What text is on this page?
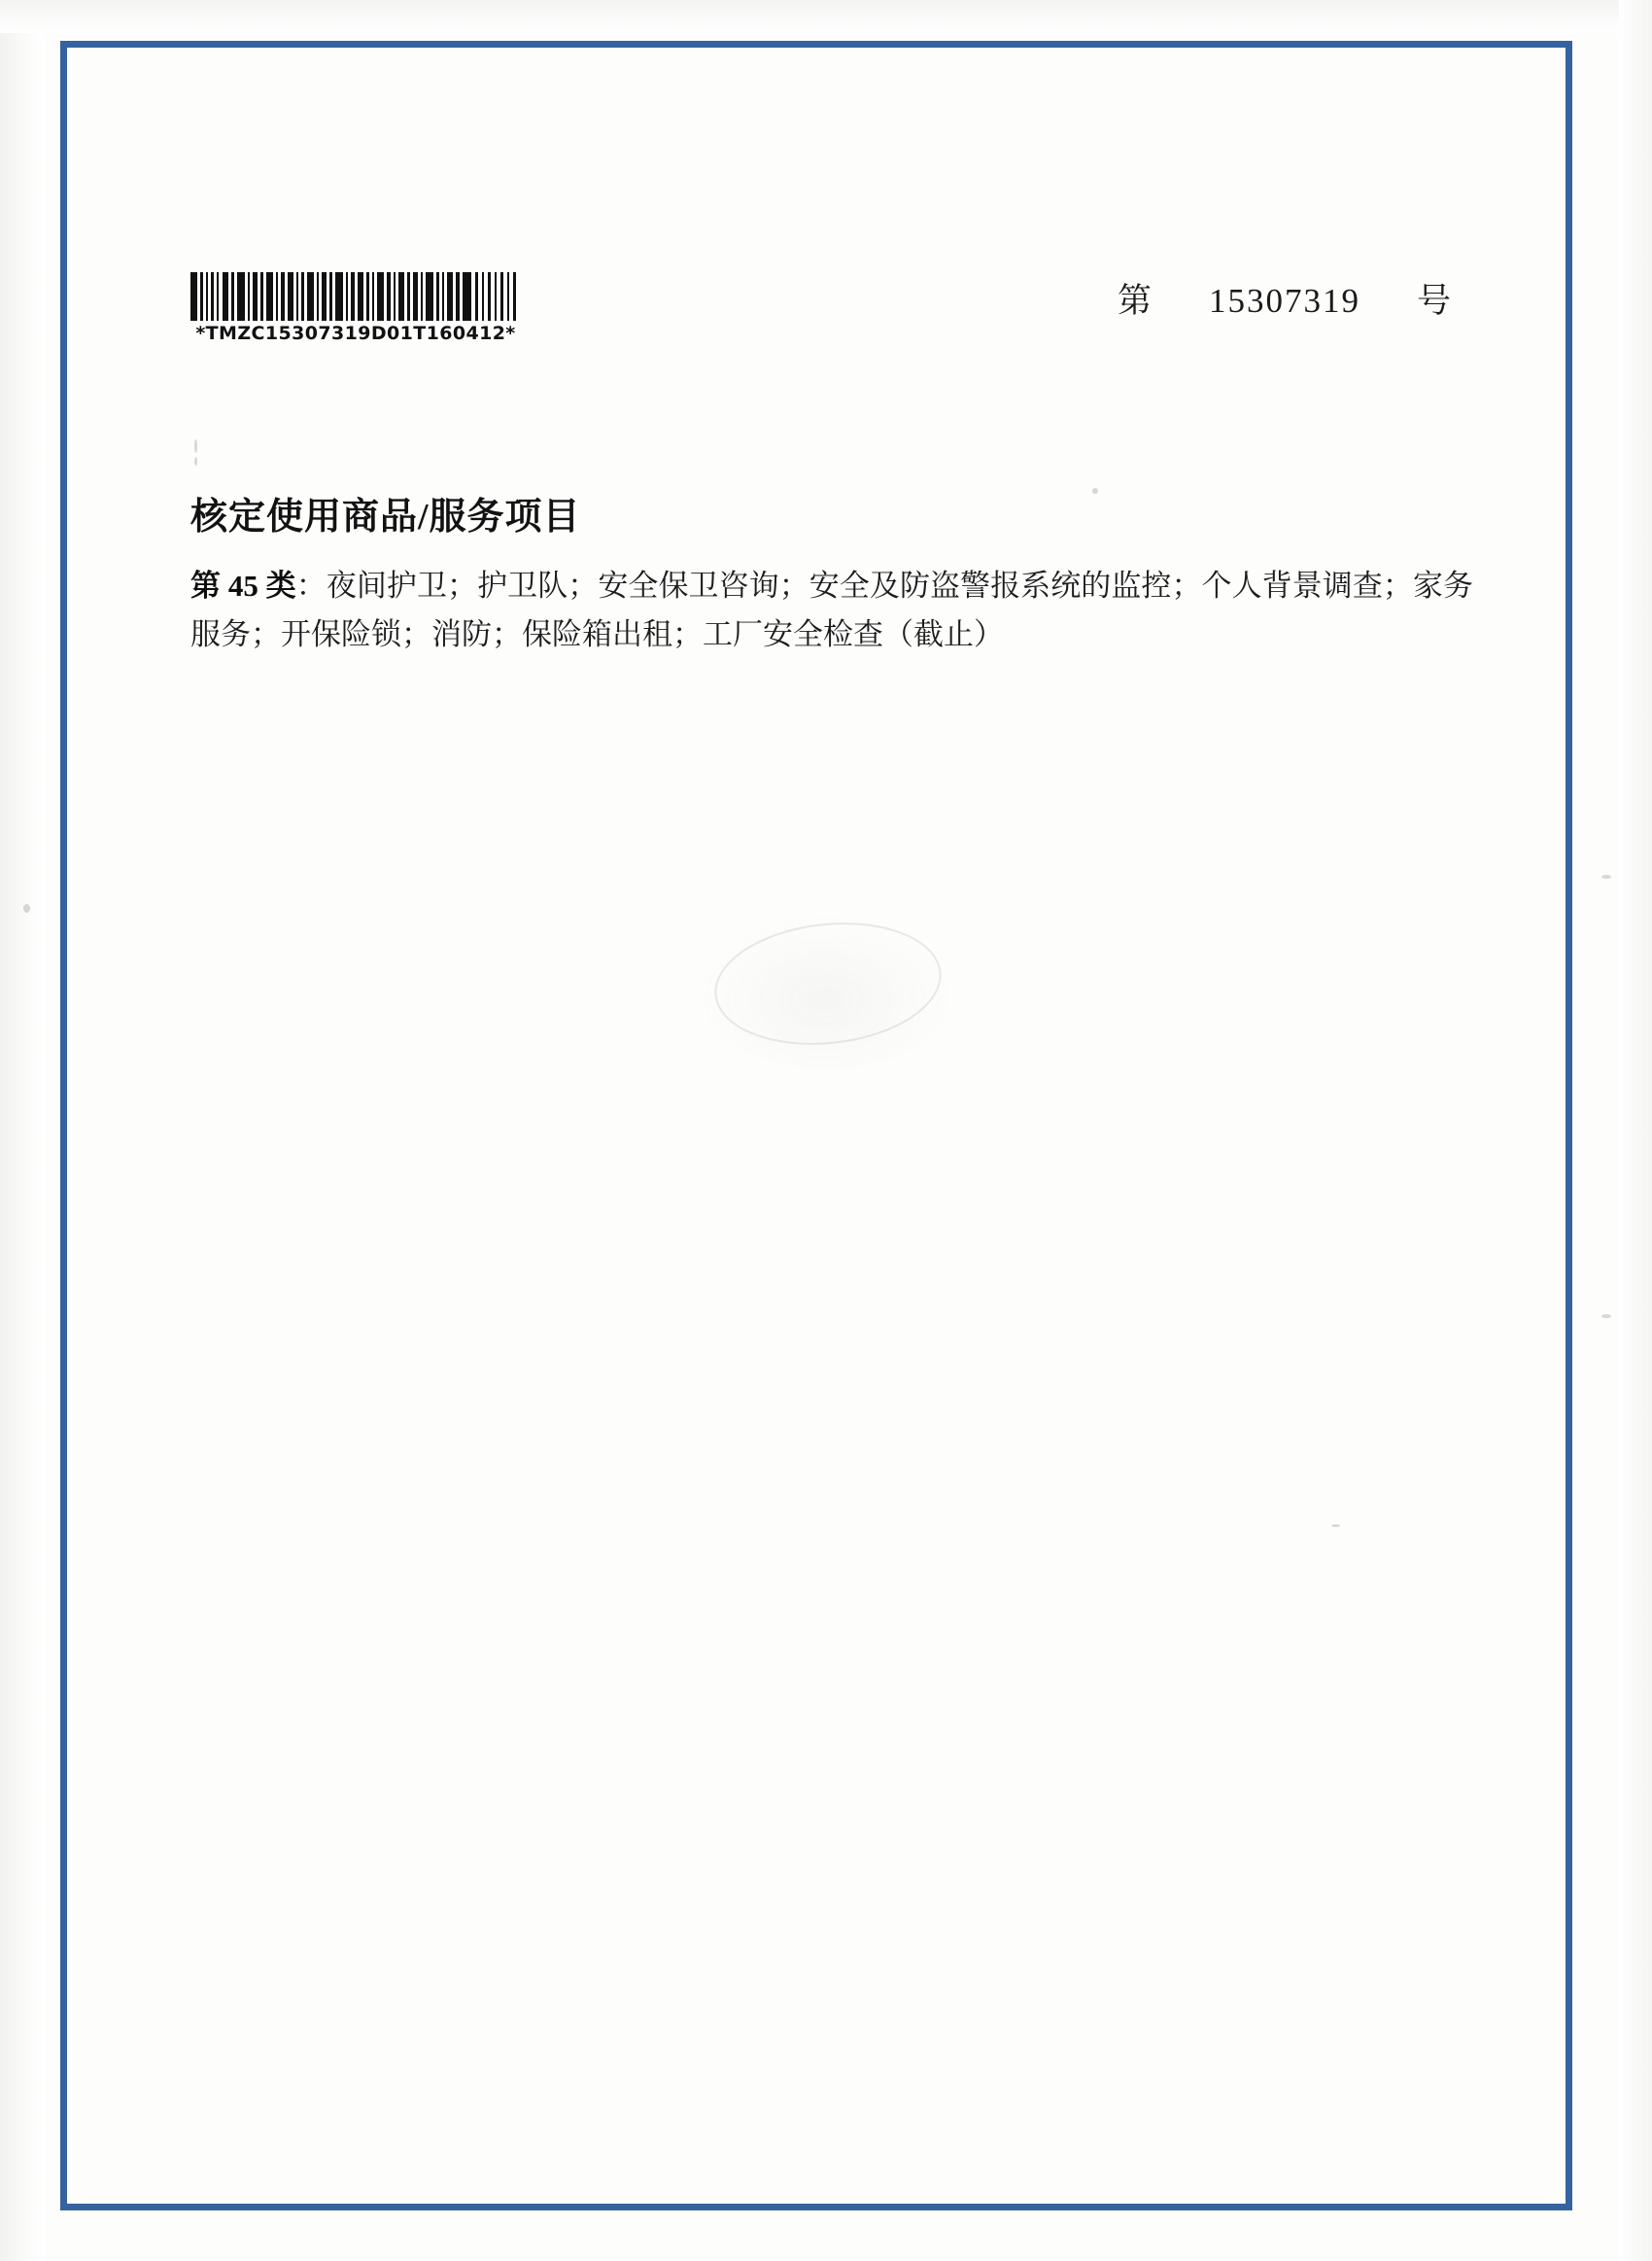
*TMZC15307319D01T160412*
第 15307319 号
核定使用商品/服务项目
第 45 类：夜间护卫；护卫队；安全保卫咨询；安全及防盗警报系统的监控；个人背景调查；家务服务；开保险锁；消防；保险箱出租；工厂安全检查（截止）
